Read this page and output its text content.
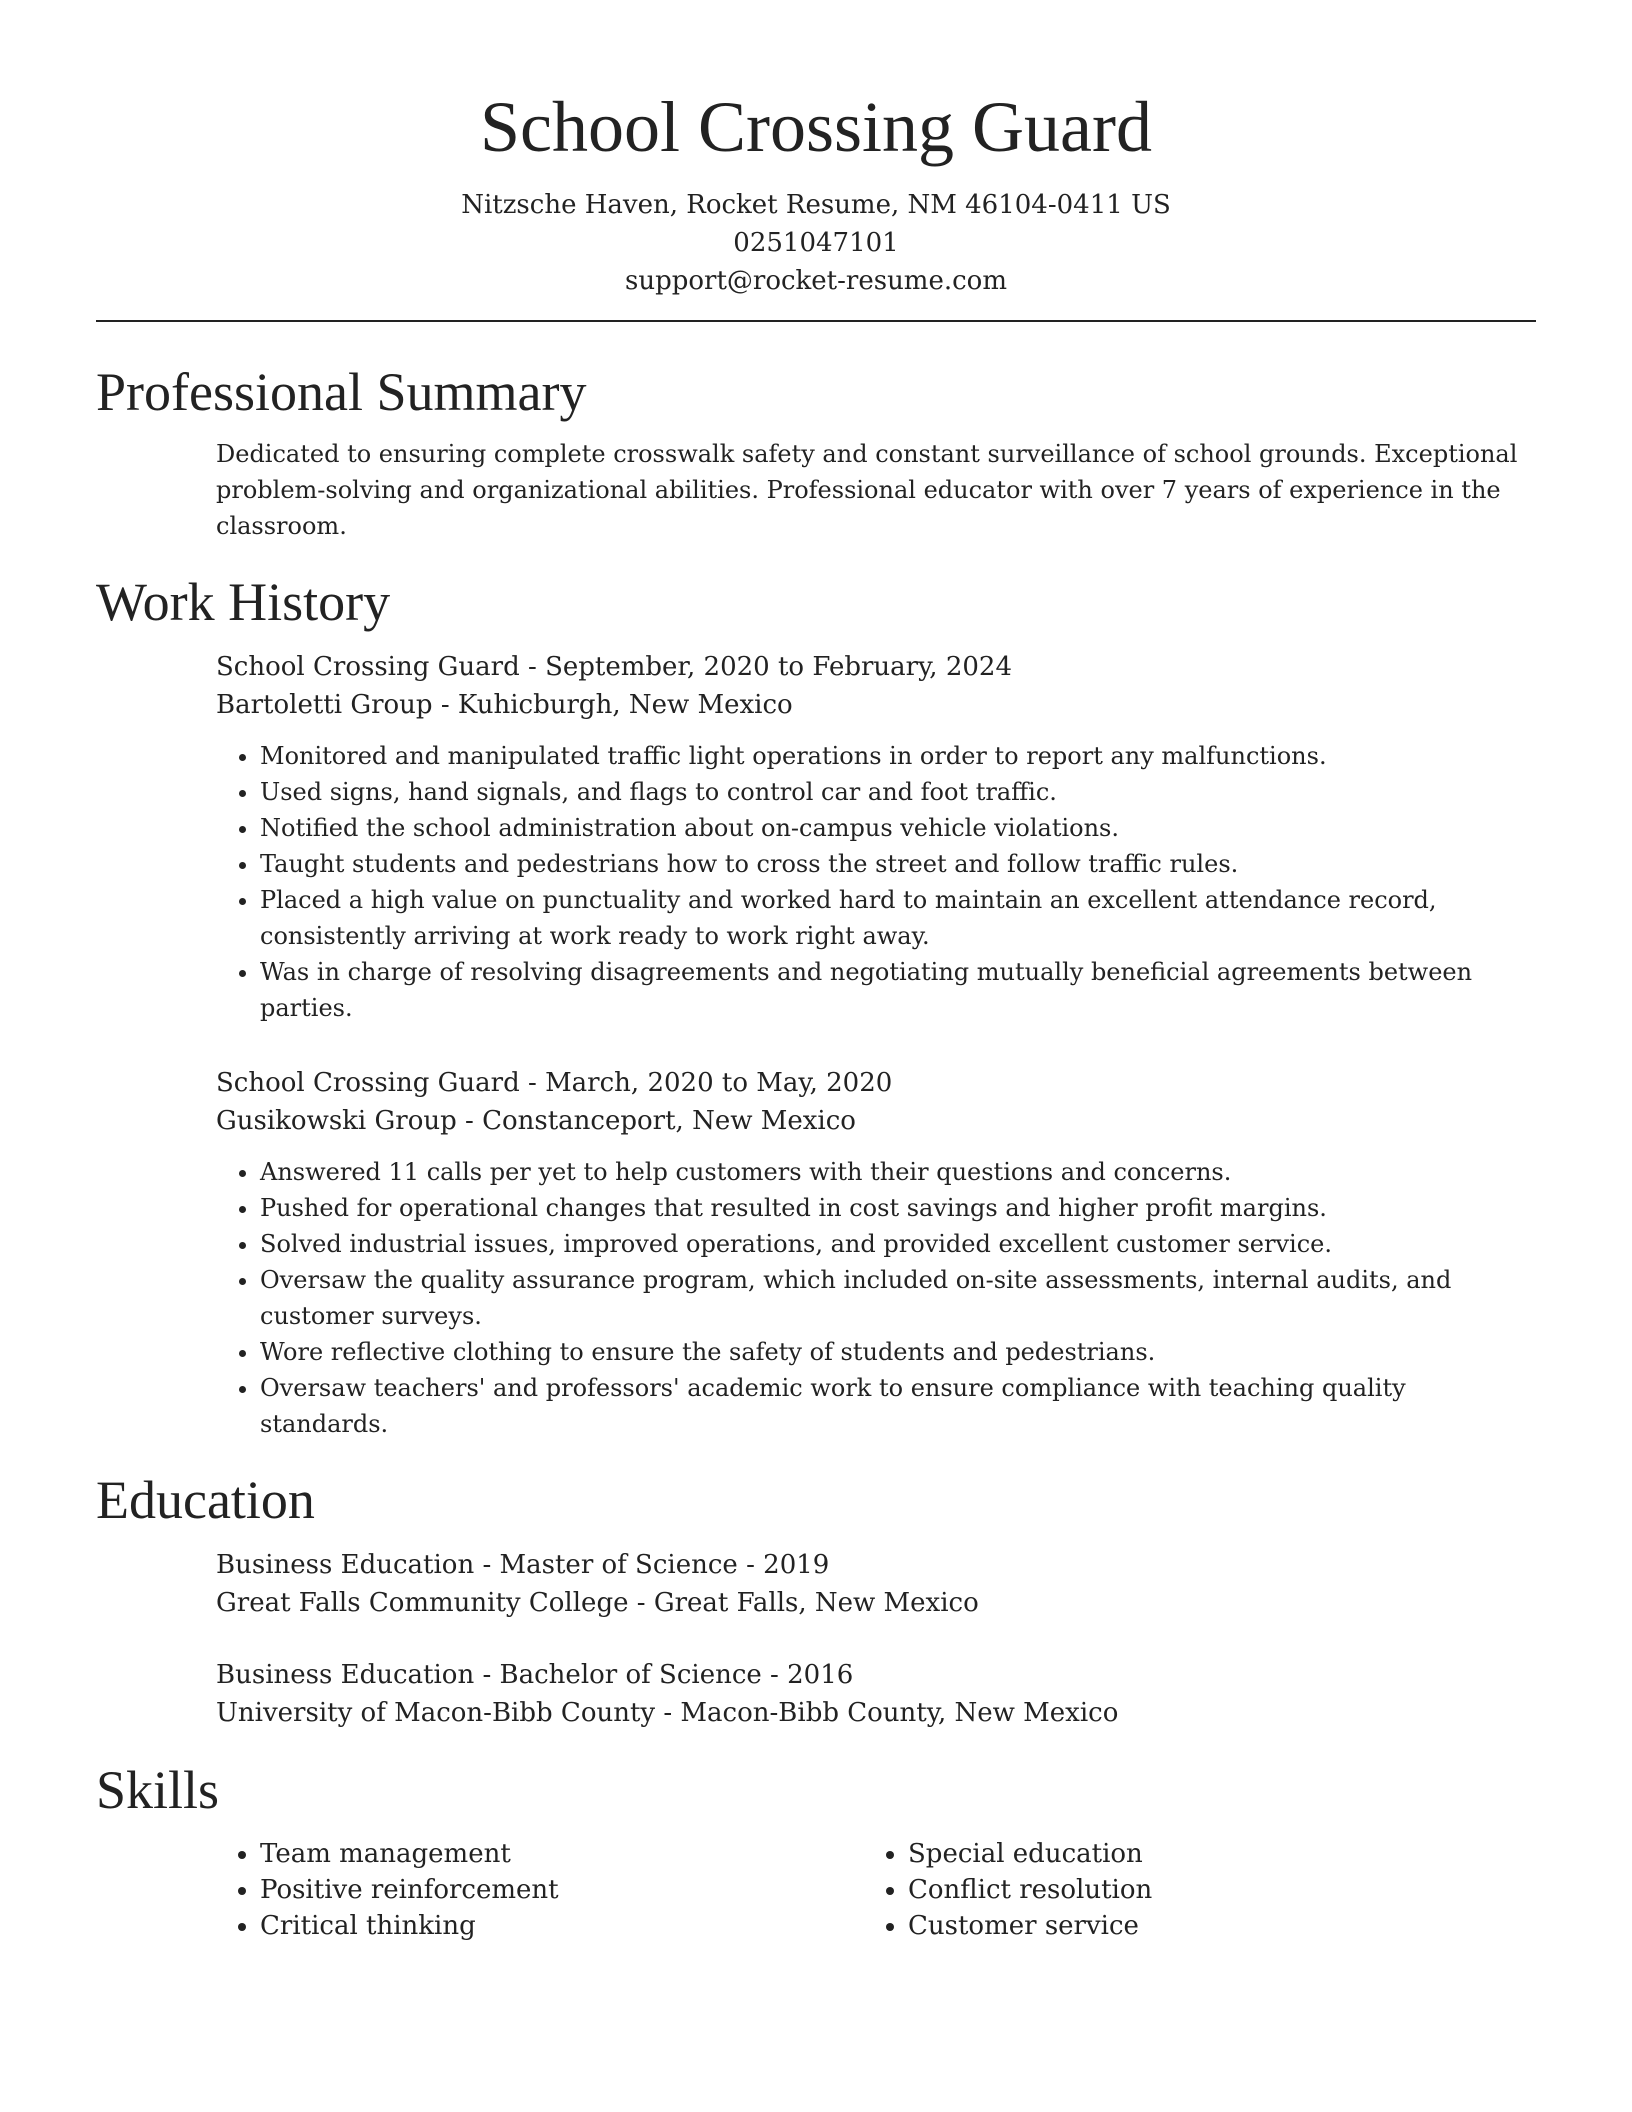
School Crossing Guard
Nitzsche Haven, Rocket Resume, NM 46104-0411 US
0251047101
support@rocket-resume.com
Professional Summary

Dedicated to ensuring complete crosswalk safety and constant surveillance of school grounds. Exceptional problem-solving and organizational abilities. Professional educator with over 7 years of experience in the classroom.

Work History
School Crossing Guard - September, 2020 to February, 2024
Bartoletti Group - Kuhicburgh, New Mexico
• Monitored and manipulated traffic light operations in order to report any malfunctions.
• Used signs, hand signals, and flags to control car and foot traffic.
• Notified the school administration about on-campus vehicle violations.
• Taught students and pedestrians how to cross the street and follow traffic rules.
• Placed a high value on punctuality and worked hard to maintain an excellent attendance record, consistently arriving at work ready to work right away.
• Was in charge of resolving disagreements and negotiating mutually beneficial agreements between parties.
School Crossing Guard - March, 2020 to May, 2020
Gusikowski Group - Constanceport, New Mexico
• Answered 11 calls per yet to help customers with their questions and concerns.
• Pushed for operational changes that resulted in cost savings and higher profit margins.
• Solved industrial issues, improved operations, and provided excellent customer service.
• Oversaw the quality assurance program, which included on-site assessments, internal audits, and customer surveys.
• Wore reflective clothing to ensure the safety of students and pedestrians.
• Oversaw teachers' and professors' academic work to ensure compliance with teaching quality standards.
Education
Business Education - Master of Science - 2019
Great Falls Community College - Great Falls, New Mexico
Business Education - Bachelor of Science - 2016
University of Macon-Bibb County - Macon-Bibb County, New Mexico
Skills
• Team management
• Positive reinforcement
• Critical thinking
• Special education
• Conflict resolution
• Customer service
